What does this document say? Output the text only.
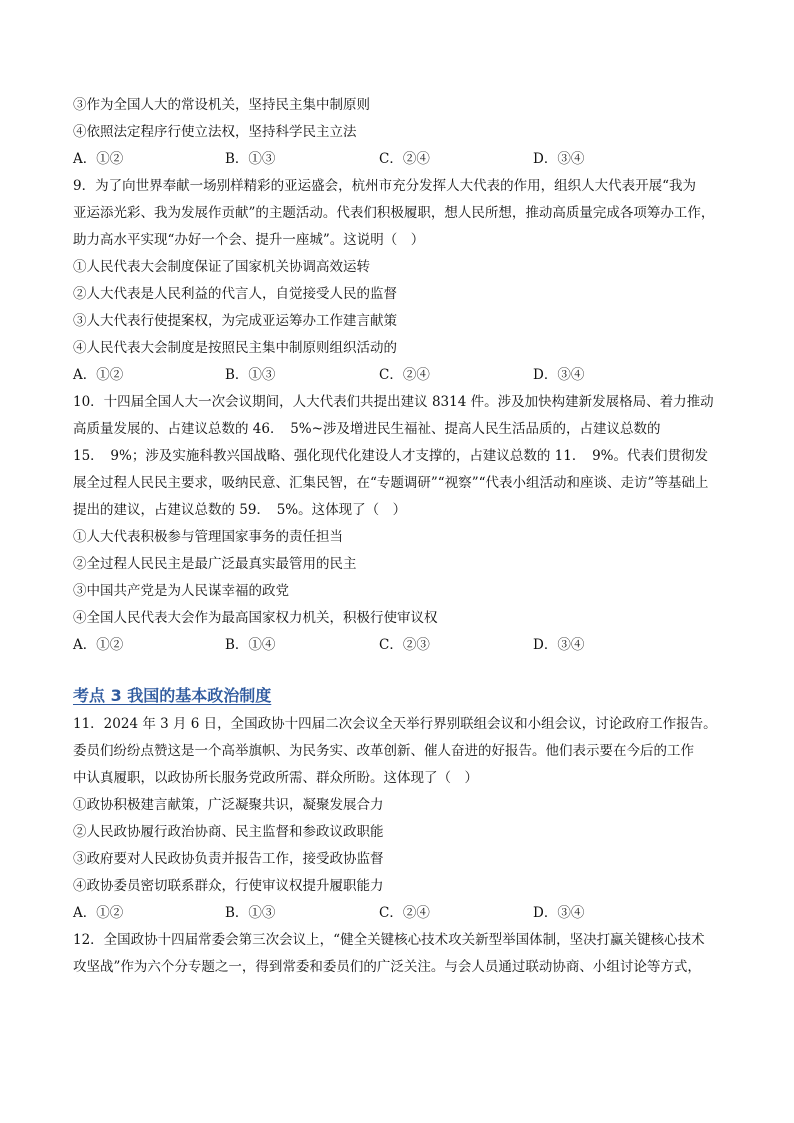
③作为全国人大的常设机关，坚持民主集中制原则
④依照法定程序行使立法权，坚持科学民主立法
A．①②	B．①③	C．②④	D．③④
9．为了向世界奉献一场别样精彩的亚运盛会，杭州市充分发挥人大代表的作用，组织人大代表开展“我为
亚运添光彩、我为发展作贡献”的主题活动。代表们积极履职，想人民所想，推动高质量完成各项筹办工作，
助力高水平实现“办好一个会、提升一座城”。这说明（　）
①人民代表大会制度保证了国家机关协调高效运转
②人大代表是人民利益的代言人，自觉接受人民的监督
③人大代表行使提案权，为完成亚运筹办工作建言献策
④人民代表大会制度是按照民主集中制原则组织活动的
A．①②	B．①③	C．②④	D．③④
10．十四届全国人大一次会议期间，人大代表们共提出建议 8314 件。涉及加快构建新发展格局、着力推动
高质量发展的、占建议总数的 46．　5%~涉及增进民生福祉、提高人民生活品质的，占建议总数的
15．　9%；涉及实施科教兴国战略、强化现代化建设人才支撑的，占建议总数的 11．　9%。代表们贯彻发
展全过程人民民主要求，吸纳民意、汇集民智，在“专题调研”“视察”“代表小组活动和座谈、走访”等基础上
提出的建议，占建议总数的 59．　5%。这体现了（　）
①人大代表积极参与管理国家事务的责任担当
②全过程人民民主是最广泛最真实最管用的民主
③中国共产党是为人民谋幸福的政党
④全国人民代表大会作为最高国家权力机关，积极行使审议权
A．①②	B．①④	C．②③	D．③④
考点 3 我国的基本政治制度
11．2024 年 3 月 6 日，全国政协十四届二次会议全天举行界别联组会议和小组会议，讨论政府工作报告。
委员们纷纷点赞这是一个高举旗帜、为民务实、改革创新、催人奋进的好报告。他们表示要在今后的工作
中认真履职，以政协所长服务党政所需、群众所盼。这体现了（　）
①政协积极建言献策，广泛凝聚共识，凝聚发展合力
②人民政协履行政治协商、民主监督和参政议政职能
③政府要对人民政协负责并报告工作，接受政协监督
④政协委员密切联系群众，行使审议权提升履职能力
A．①②	B．①③	C．②④	D．③④
12．全国政协十四届常委会第三次会议上，“健全关键核心技术攻关新型举国体制，坚决打赢关键核心技术
攻坚战”作为六个分专题之一，得到常委和委员们的广泛关注。与会人员通过联动协商、小组讨论等方式，
